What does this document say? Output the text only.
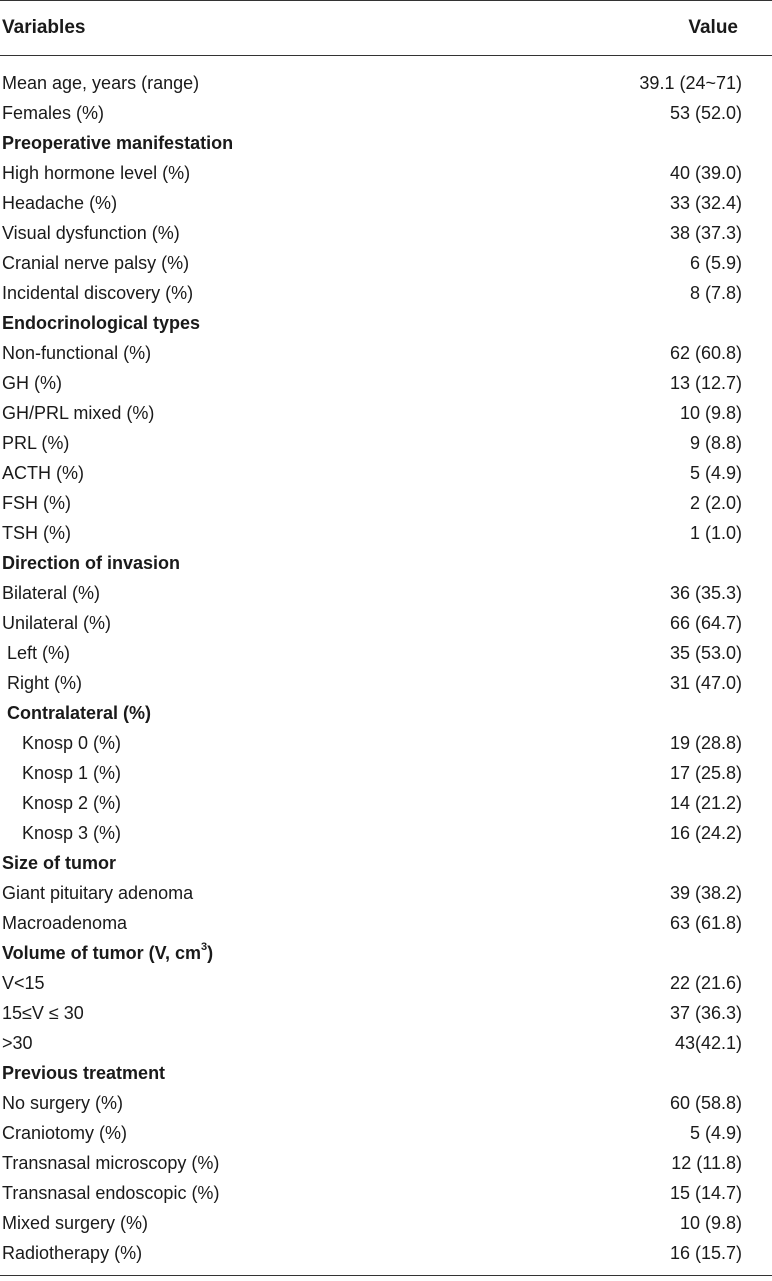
Variables	Value
Mean age, years (range)	39.1 (24~71)
Females (%)	53 (52.0)
Preoperative manifestation
High hormone level (%)	40 (39.0)
Headache (%)	33 (32.4)
Visual dysfunction (%)	38 (37.3)
Cranial nerve palsy (%)	6 (5.9)
Incidental discovery (%)	8 (7.8)
Endocrinological types
Non-functional (%)	62 (60.8)
GH (%)	13 (12.7)
GH/PRL mixed (%)	10 (9.8)
PRL (%)	9 (8.8)
ACTH (%)	5 (4.9)
FSH (%)	2 (2.0)
TSH (%)	1 (1.0)
Direction of invasion
Bilateral (%)	36 (35.3)
Unilateral (%)	66 (64.7)
Left (%)	35 (53.0)
Right (%)	31 (47.0)
Contralateral (%)
Knosp 0 (%)	19 (28.8)
Knosp 1 (%)	17 (25.8)
Knosp 2 (%)	14 (21.2)
Knosp 3 (%)	16 (24.2)
Size of tumor
Giant pituitary adenoma	39 (38.2)
Macroadenoma	63 (61.8)
Volume of tumor (V, $cm^3$)
V<15	22 (21.6)
15≤V ≤ 30	37 (36.3)
>30	43(42.1)
Previous treatment
No surgery (%)	60 (58.8)
Craniotomy (%)	5 (4.9)
Transnasal microscopy (%)	12 (11.8)
Transnasal endoscopic (%)	15 (14.7)
Mixed surgery (%)	10 (9.8)
Radiotherapy (%)	16 (15.7)
